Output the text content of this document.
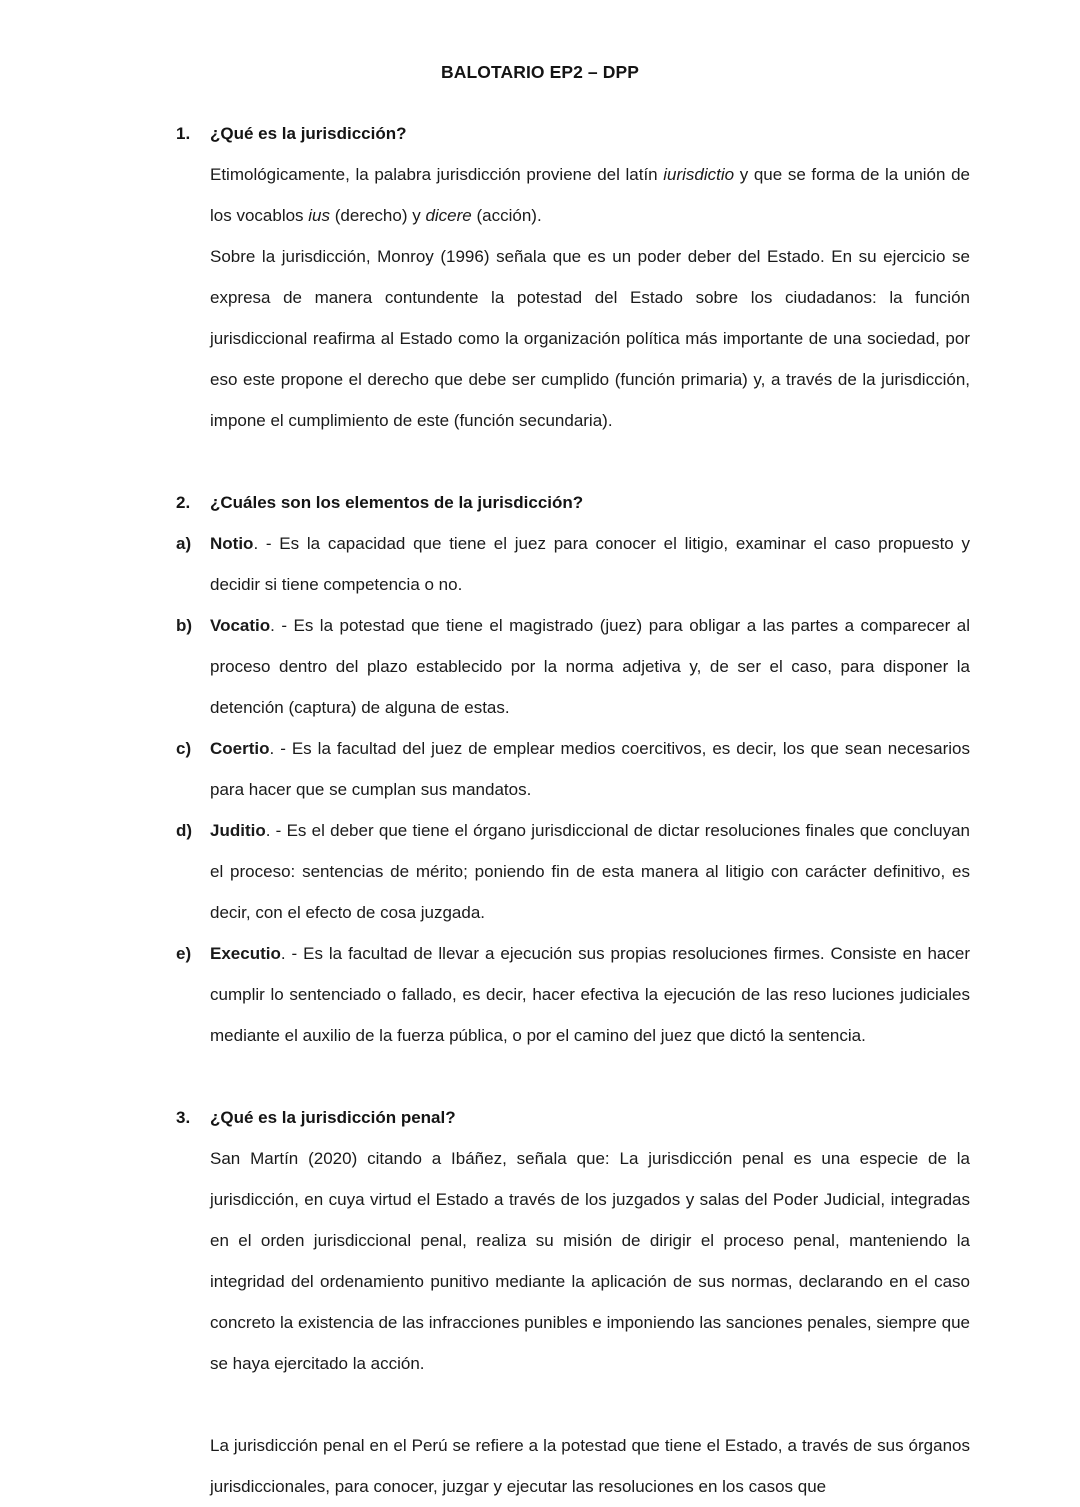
BALOTARIO EP2 – DPP
1. ¿Qué es la jurisdicción?

Etimológicamente, la palabra jurisdicción proviene del latín iurisdictio y que se forma de la unión de los vocablos ius (derecho) y dicere (acción).

Sobre la jurisdicción, Monroy (1996) señala que es un poder deber del Estado. En su ejercicio se expresa de manera contundente la potestad del Estado sobre los ciudadanos: la función jurisdiccional reafirma al Estado como la organización política más importante de una sociedad, por eso este propone el derecho que debe ser cumplido (función primaria) y, a través de la jurisdicción, impone el cumplimiento de este (función secundaria).

2. ¿Cuáles son los elementos de la jurisdicción?
a) Notio. - Es la capacidad que tiene el juez para conocer el litigio, examinar el caso propuesto y decidir si tiene competencia o no.
b) Vocatio. - Es la potestad que tiene el magistrado (juez) para obligar a las partes a comparecer al proceso dentro del plazo establecido por la norma adjetiva y, de ser el caso, para disponer la detención (captura) de alguna de estas.
c) Coertio. - Es la facultad del juez de emplear medios coercitivos, es decir, los que sean necesarios para hacer que se cumplan sus mandatos.
d) Juditio. - Es el deber que tiene el órgano jurisdiccional de dictar resoluciones finales que concluyan el proceso: sentencias de mérito; poniendo fin de esta manera al litigio con carácter definitivo, es decir, con el efecto de cosa juzgada.
e) Executio. - Es la facultad de llevar a ejecución sus propias resoluciones firmes. Consiste en hacer cumplir lo sentenciado o fallado, es decir, hacer efectiva la ejecución de las reso luciones judiciales mediante el auxilio de la fuerza pública, o por el camino del juez que dictó la sentencia.
3. ¿Qué es la jurisdicción penal?

San Martín (2020) citando a Ibáñez, señala que: La jurisdicción penal es una especie de la jurisdicción, en cuya virtud el Estado a través de los juzgados y salas del Poder Judicial, integradas en el orden jurisdiccional penal, realiza su misión de dirigir el proceso penal, manteniendo la integridad del ordenamiento punitivo mediante la aplicación de sus normas, declarando en el caso concreto la existencia de las infracciones punibles e imponiendo las sanciones penales, siempre que se haya ejercitado la acción.

La jurisdicción penal en el Perú se refiere a la potestad que tiene el Estado, a través de sus órganos jurisdiccionales, para conocer, juzgar y ejecutar las resoluciones en los casos que
